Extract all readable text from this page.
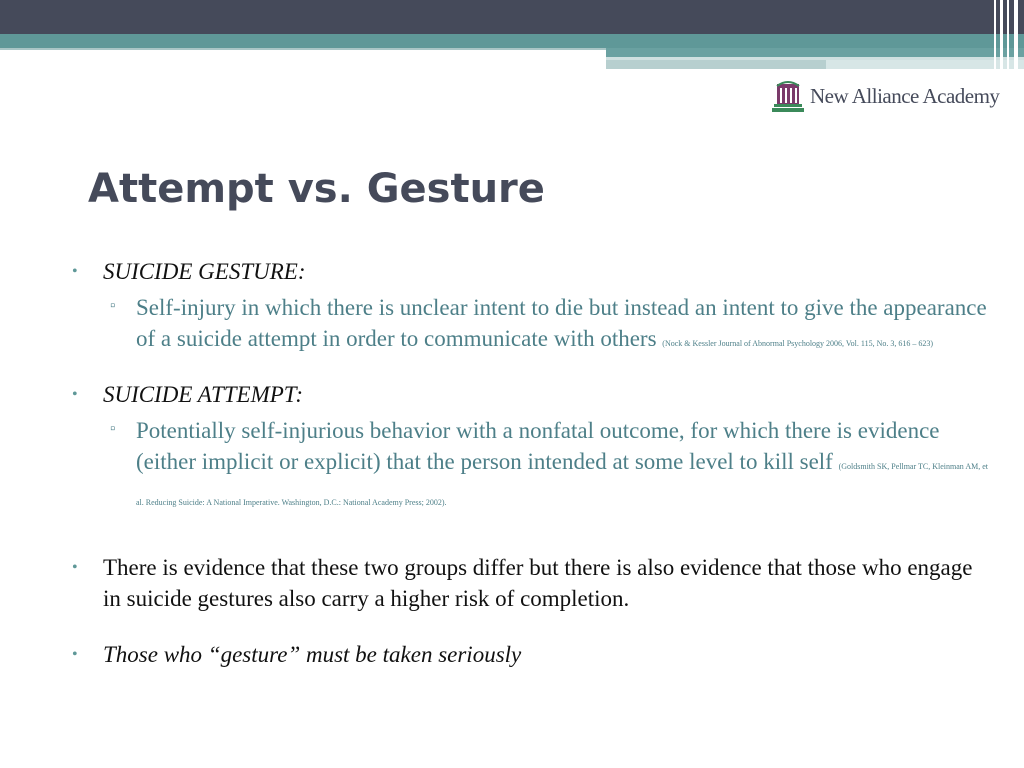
New Alliance Academy
Attempt vs. Gesture
• SUICIDE GESTURE:
▫ Self-injury in which there is unclear intent to die but instead an intent to give the appearance of a suicide attempt in order to communicate with others (Nock & Kessler Journal of Abnormal Psychology 2006, Vol. 115, No. 3, 616 – 623)
• SUICIDE ATTEMPT:
▫ Potentially self-injurious behavior with a nonfatal outcome, for which there is evidence (either implicit or explicit) that the person intended at some level to kill self (Goldsmith SK, Pellmar TC, Kleinman AM, et al. Reducing Suicide: A National Imperative. Washington, D.C.: National Academy Press; 2002).
• There is evidence that these two groups differ but there is also evidence that those who engage in suicide gestures also carry a higher risk of completion.
• Those who “gesture” must be taken seriously
